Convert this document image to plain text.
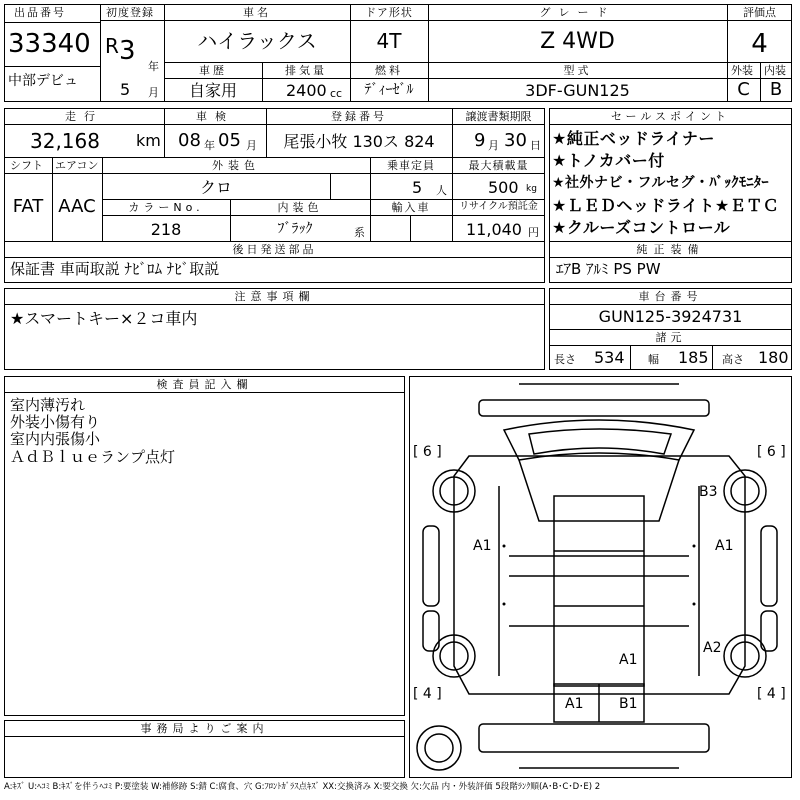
出品番号
33340
中部デビュ
初度登録
R 3
年
5 月
車名
ハイラックス
ドア形状
4T
グレード
Z 4WD
評価点
4
車歴
自家用
排気量
2400 cc
燃料
ﾃﾞｨｰｾﾞﾙ
型式
3DF-GUN125
外装 内装
C	B
走行
32,168 km
車検
08 年 05 月
登録番号
尾張小牧 130ス 824
譲渡書類期限
9 月 30 日
シフト
FAT
エアコン
AAC
外装色
クロ
乗車定員
5 人
最大積載量
500 kg
カラーNo.
218
内装色
ﾌﾞﾗｯｸ	系
輸入車	リサイクル預託金
11,040 円
後日発送部品
保証書 車両取説 ﾅﾋﾞﾛﾑ ﾅﾋﾞ取説
セールスポイント
★純正ベッドライナー
★トノカバー付
★社外ナビ・フルセグ・ﾊﾞｯｸﾓﾆﾀｰ
★ＬＥＤヘッドライト★ＥＴＣ
★クルーズコントロール
純正装備
ｴｱB ｱﾙﾐ PS PW
注意事項欄
★スマートキー×２コ車内
車台番号
GUN125-3924731
諸元
長さ 534 幅 185 高さ 180
検査員記入欄
室内薄汚れ
外装小傷有り
室内内張傷小
ＡｄＢｌｕｅランプ点灯
事務局よりご案内
[ 6 ]	[ 6 ]
B3
A1	A1
A1
A2
[ 4 ]	[ 4 ]
A1	B1
A:ｷｽﾞ U:ﾍｺﾐ B:ｷｽﾞを伴うﾍｺﾐ P:要塗装 W:補修跡 S:錆 C:腐食、穴 G:ﾌﾛﾝﾄｶﾞﾗｽ点ｷｽﾞ XX:交換済み X:要交換 欠:欠品 内・外装評価 5段階ﾗﾝｸ順(A･B･C･D･E) 2
